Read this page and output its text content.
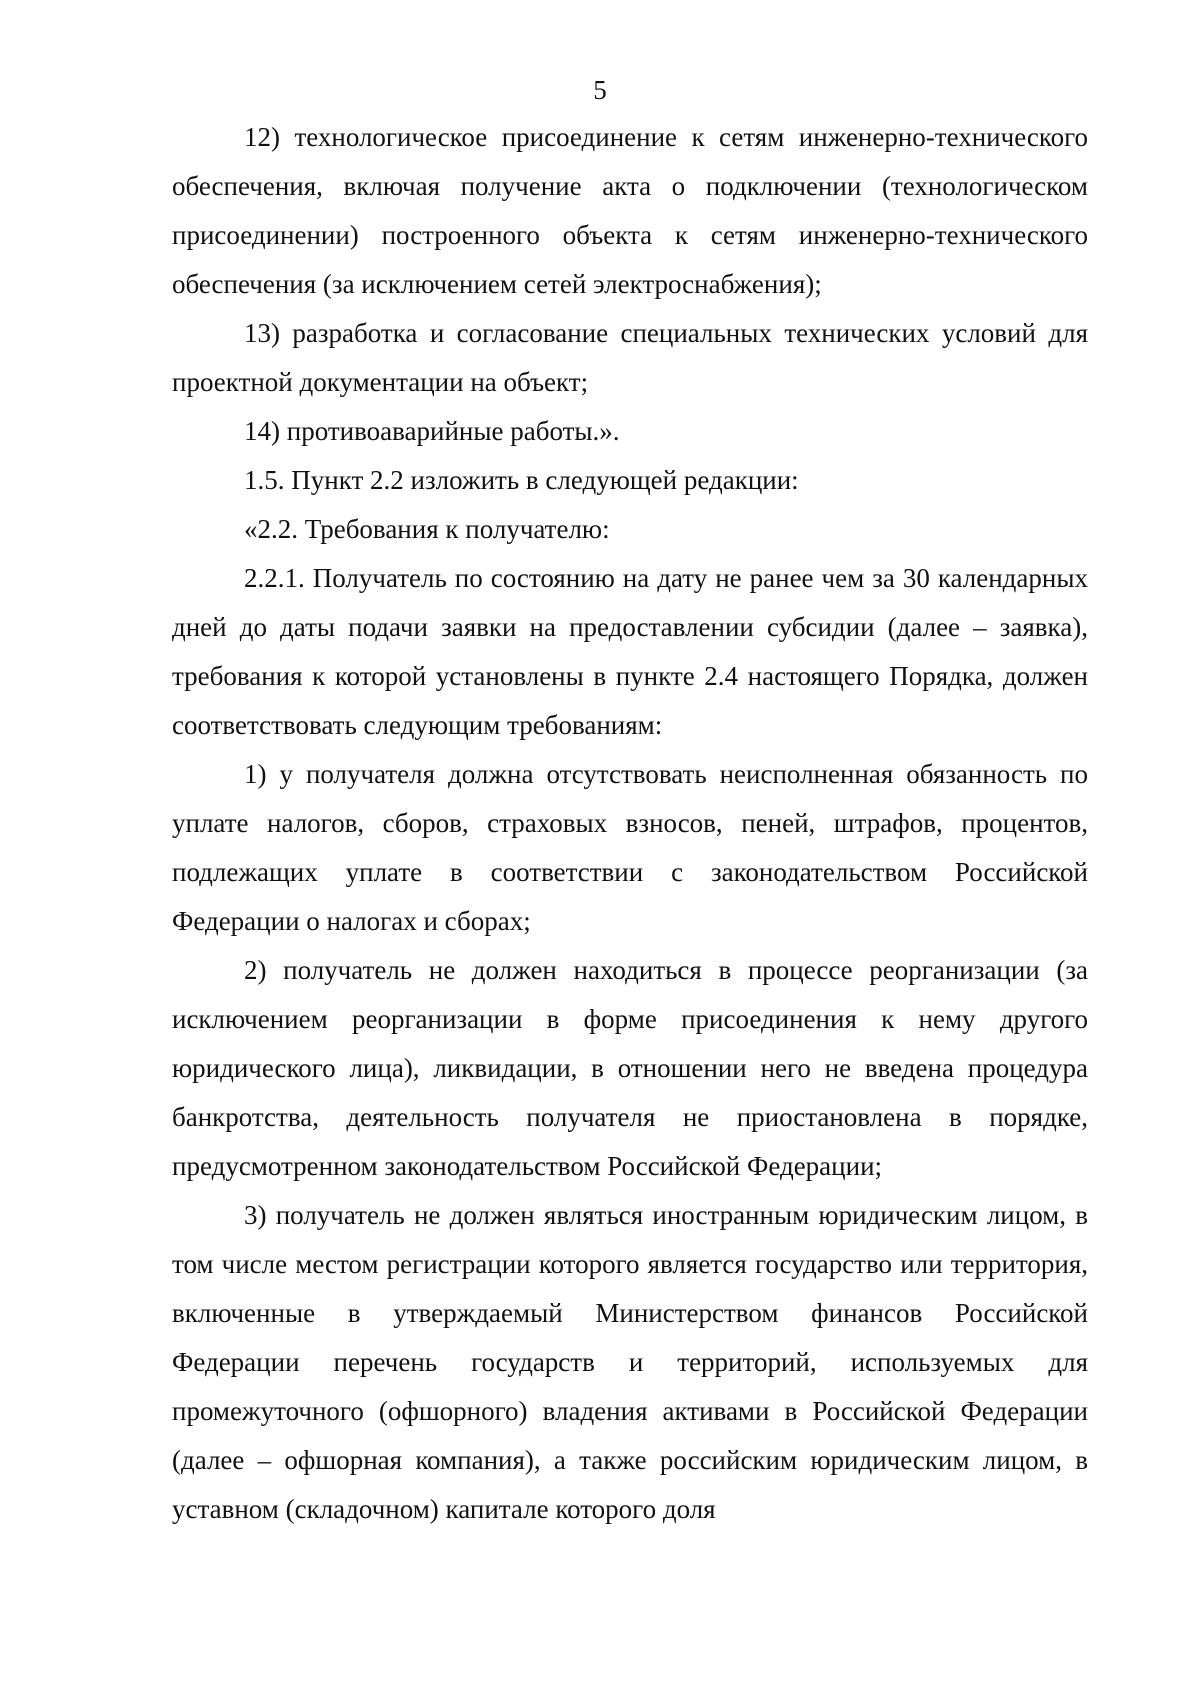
5

12) технологическое присоединение к сетям инженерно-технического обеспечения, включая получение акта о подключении (технологическом присоединении) построенного объекта к сетям инженерно-технического обеспечения (за исключением сетей электроснабжения);

13) разработка и согласование специальных технических условий для проектной документации на объект;

14) противоаварийные работы.».

1.5. Пункт 2.2 изложить в следующей редакции:

«2.2. Требования к получателю:

2.2.1. Получатель по состоянию на дату не ранее чем за 30 календарных дней до даты подачи заявки на предоставлении субсидии (далее – заявка), требования к которой установлены в пункте 2.4 настоящего Порядка, должен соответствовать следующим требованиям:

1) у получателя должна отсутствовать неисполненная обязанность по уплате налогов, сборов, страховых взносов, пеней, штрафов, процентов, подлежащих уплате в соответствии с законодательством Российской Федерации о налогах и сборах;

2) получатель не должен находиться в процессе реорганизации (за исключением реорганизации в форме присоединения к нему другого юридического лица), ликвидации, в отношении него не введена процедура банкротства, деятельность получателя не приостановлена в порядке, предусмотренном законодательством Российской Федерации;

3) получатель не должен являться иностранным юридическим лицом, в том числе местом регистрации которого является государство или территория, включенные в утверждаемый Министерством финансов Российской Федерации перечень государств и территорий, используемых для промежуточного (офшорного) владения активами в Российской Федерации (далее – офшорная компания), а также российским юридическим лицом, в уставном (складочном) капитале которого доля
